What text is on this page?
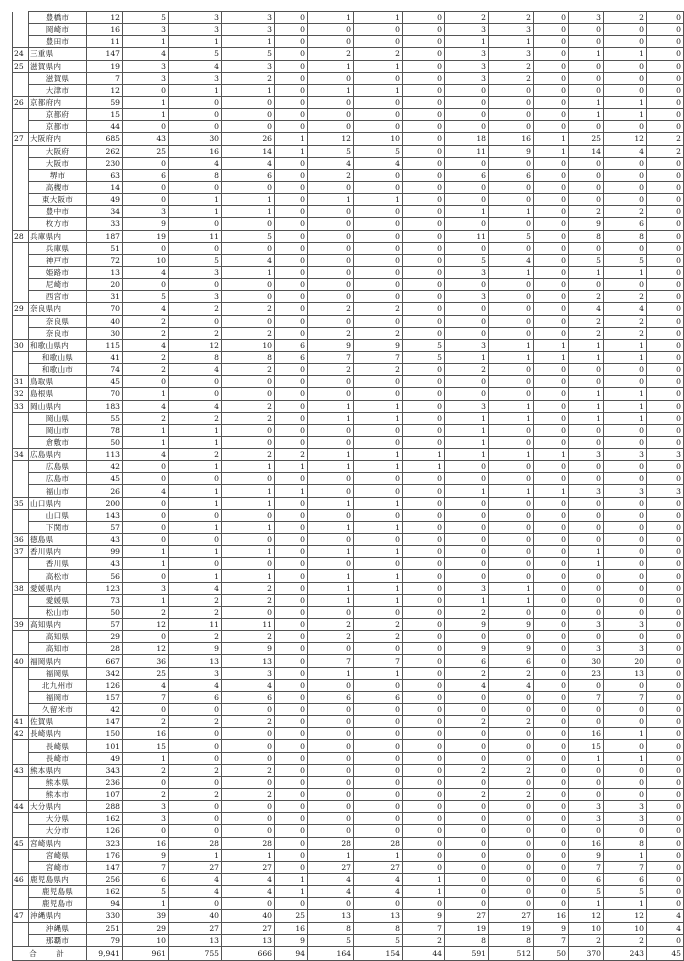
	豊橋市	12	5	3	3	0	1	1	0	2	2	0	3	2	0
	岡崎市	16	3	3	3	0	0	0	0	3	3	0	0	0	0
	豊田市	11	1	1	1	0	0	0	0	1	1	0	0	0	0
24	三重県	147	4	5	5	0	2	2	0	3	3	0	1	1	0
25	滋賀県内	19	3	4	3	0	1	1	0	3	2	0	0	0	0
	滋賀県	7	3	3	2	0	0	0	0	3	2	0	0	0	0
	大津市	12	0	1	1	0	1	1	0	0	0	0	0	0	0
26	京都府内	59	1	0	0	0	0	0	0	0	0	0	1	1	0
	京都府	15	1	0	0	0	0	0	0	0	0	0	1	1	0
	京都市	44	0	0	0	0	0	0	0	0	0	0	0	0	0
27	大阪府内	685	43	30	26	1	12	10	0	18	16	1	25	12	2
	大阪府	262	25	16	14	1	5	5	0	11	9	1	14	4	2
	大阪市	230	0	4	4	0	4	4	0	0	0	0	0	0	0
	堺市	63	6	8	6	0	2	0	0	6	6	0	0	0	0
	高槻市	14	0	0	0	0	0	0	0	0	0	0	0	0	0
	東大阪市	49	0	1	1	0	1	1	0	0	0	0	0	0	0
	豊中市	34	3	1	1	0	0	0	0	1	1	0	2	2	0
	枚方市	33	9	0	0	0	0	0	0	0	0	0	9	6	0
28	兵庫県内	187	19	11	5	0	0	0	0	11	5	0	8	8	0
	兵庫県	51	0	0	0	0	0	0	0	0	0	0	0	0	0
	神戸市	72	10	5	4	0	0	0	0	5	4	0	5	5	0
	姫路市	13	4	3	1	0	0	0	0	3	1	0	1	1	0
	尼崎市	20	0	0	0	0	0	0	0	0	0	0	0	0	0
	西宮市	31	5	3	0	0	0	0	0	3	0	0	2	2	0
29	奈良県内	70	4	2	2	0	2	2	0	0	0	0	4	4	0
	奈良県	40	2	0	0	0	0	0	0	0	0	0	2	2	0
	奈良市	30	2	2	2	0	2	2	0	0	0	0	2	2	0
30	和歌山県内	115	4	12	10	6	9	9	5	3	1	1	1	1	0
	和歌山県	41	2	8	8	6	7	7	5	1	1	1	1	1	0
	和歌山市	74	2	4	2	0	2	2	0	2	0	0	0	0	0
31	鳥取県	45	0	0	0	0	0	0	0	0	0	0	0	0	0
32	島根県	70	1	0	0	0	0	0	0	0	0	0	1	1	0
33	岡山県内	183	4	4	2	0	1	1	0	3	1	0	1	1	0
	岡山県	55	2	2	2	0	1	1	0	1	1	0	1	1	0
	岡山市	78	1	1	0	0	0	0	0	1	0	0	0	0	0
	倉敷市	50	1	1	0	0	0	0	0	1	0	0	0	0	0
34	広島県内	113	4	2	2	2	1	1	1	1	1	1	3	3	3
	広島県	42	0	1	1	1	1	1	1	0	0	0	0	0	0
	広島市	45	0	0	0	0	0	0	0	0	0	0	0	0	0
	福山市	26	4	1	1	1	0	0	0	1	1	1	3	3	3
35	山口県内	200	0	1	1	0	1	1	0	0	0	0	0	0	0
	山口県	143	0	0	0	0	0	0	0	0	0	0	0	0	0
	下関市	57	0	1	1	0	1	1	0	0	0	0	0	0	0
36	徳島県	43	0	0	0	0	0	0	0	0	0	0	0	0	0
37	香川県内	99	1	1	1	0	1	1	0	0	0	0	1	0	0
	香川県	43	1	0	0	0	0	0	0	0	0	0	1	0	0
	高松市	56	0	1	1	0	1	1	0	0	0	0	0	0	0
38	愛媛県内	123	3	4	2	0	1	1	0	3	1	0	0	0	0
	愛媛県	73	1	2	2	0	1	1	0	1	1	0	0	0	0
	松山市	50	2	2	0	0	0	0	0	2	0	0	0	0	0
39	高知県内	57	12	11	11	0	2	2	0	9	9	0	3	3	0
	高知県	29	0	2	2	0	2	2	0	0	0	0	0	0	0
	高知市	28	12	9	9	0	0	0	0	9	9	0	3	3	0
40	福岡県内	667	36	13	13	0	7	7	0	6	6	0	30	20	0
	福岡県	342	25	3	3	0	1	1	0	2	2	0	23	13	0
	北九州市	126	4	4	4	0	0	0	0	4	4	0	0	0	0
	福岡市	157	7	6	6	0	6	6	0	0	0	0	7	7	0
	久留米市	42	0	0	0	0	0	0	0	0	0	0	0	0	0
41	佐賀県	147	2	2	2	0	0	0	0	2	2	0	0	0	0
42	長崎県内	150	16	0	0	0	0	0	0	0	0	0	16	1	0
	長崎県	101	15	0	0	0	0	0	0	0	0	0	15	0	0
	長崎市	49	1	0	0	0	0	0	0	0	0	0	1	1	0
43	熊本県内	343	2	2	2	0	0	0	0	2	2	0	0	0	0
	熊本県	236	0	0	0	0	0	0	0	0	0	0	0	0	0
	熊本市	107	2	2	2	0	0	0	0	2	2	0	0	0	0
44	大分県内	288	3	0	0	0	0	0	0	0	0	0	3	3	0
	大分県	162	3	0	0	0	0	0	0	0	0	0	3	3	0
	大分市	126	0	0	0	0	0	0	0	0	0	0	0	0	0
45	宮崎県内	323	16	28	28	0	28	28	0	0	0	0	16	8	0
	宮崎県	176	9	1	1	0	1	1	0	0	0	0	9	1	0
	宮崎市	147	7	27	27	0	27	27	0	0	0	0	7	7	0
46	鹿児島県内	256	6	4	4	1	4	4	1	0	0	0	6	6	0
	鹿児島県	162	5	4	4	1	4	4	1	0	0	0	5	5	0
	鹿児島市	94	1	0	0	0	0	0	0	0	0	0	1	1	0
47	沖縄県内	330	39	40	40	25	13	13	9	27	27	16	12	12	4
	沖縄県	251	29	27	27	16	8	8	7	19	19	9	10	10	4
	那覇市	79	10	13	13	9	5	5	2	8	8	7	2	2	0
合　計		9,941	961	755	666	94	164	154	44	591	512	50	370	243	45
